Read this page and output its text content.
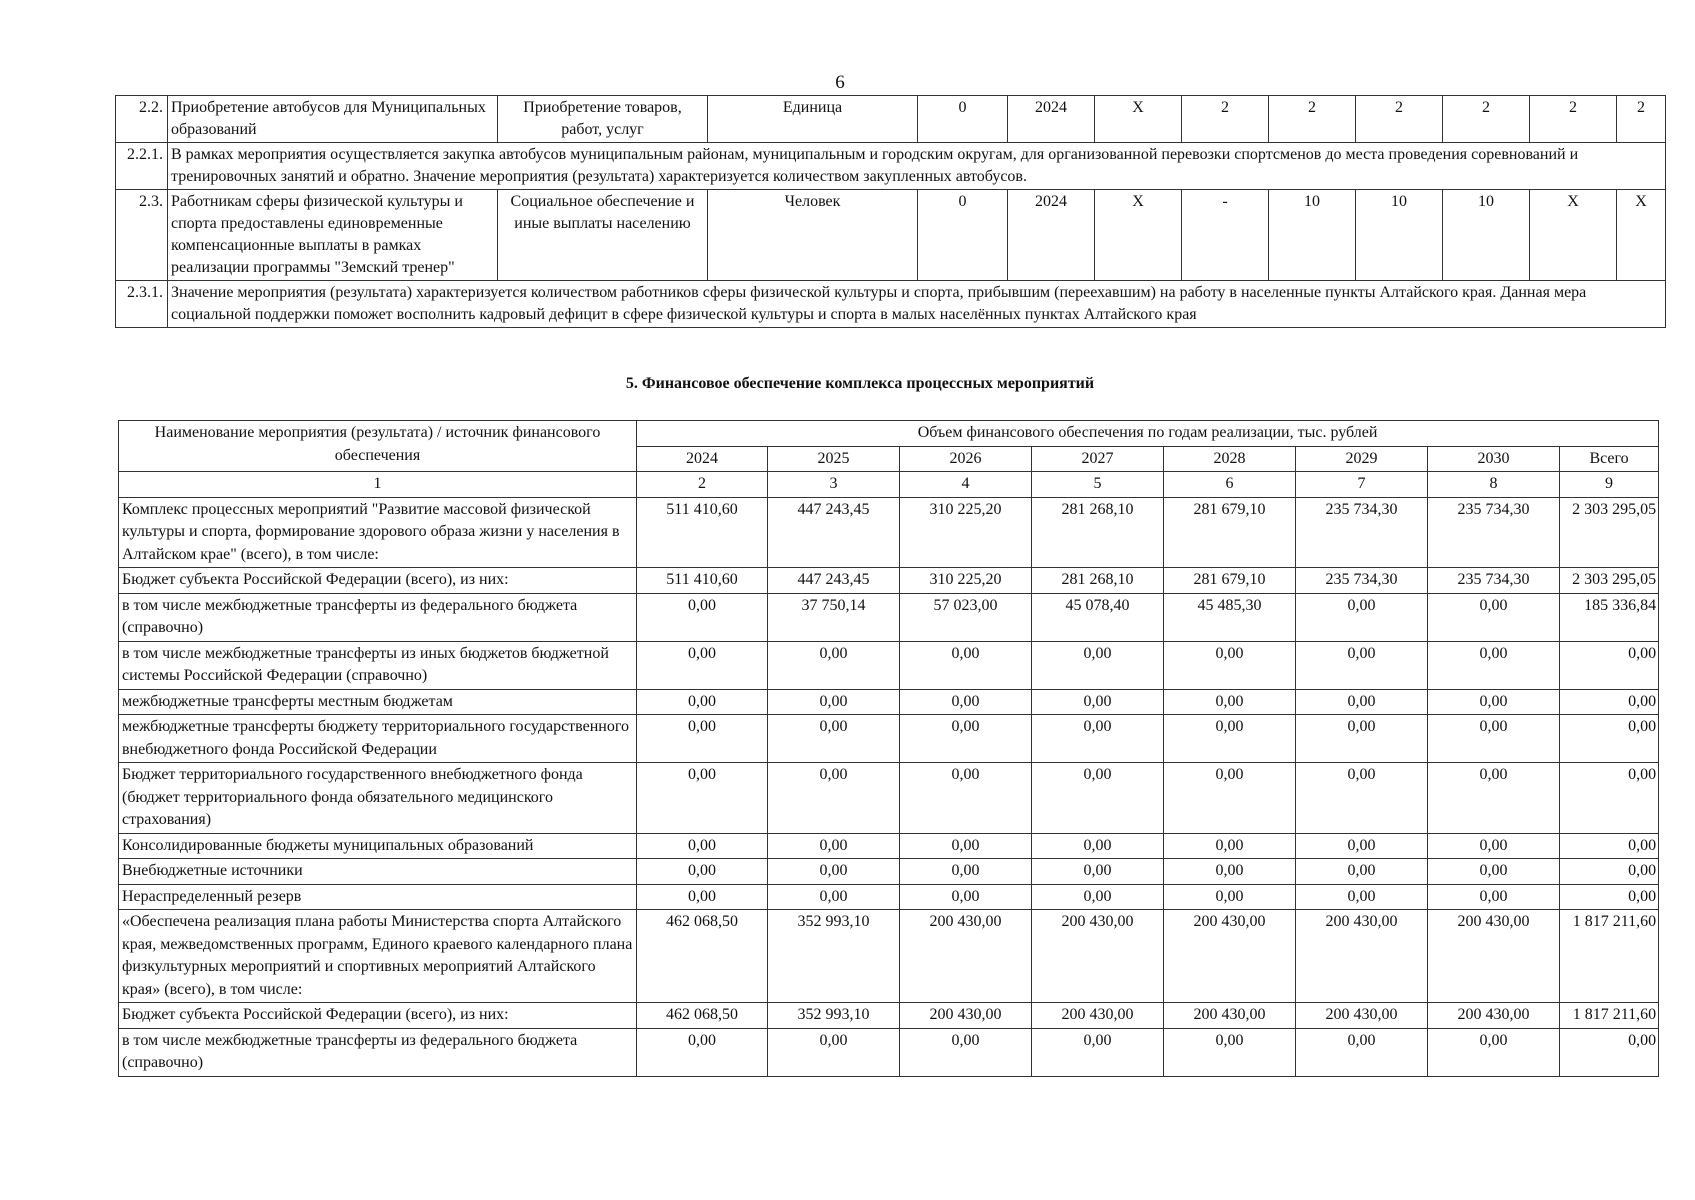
6
2.2.	Приобретение автобусов для Муниципальных образований	Приобретение товаров, работ, услуг	Единица	0	2024	X	2	2	2	2	2	2
2.2.1.	В рамках мероприятия осуществляется закупка автобусов муниципальным районам, муниципальным и городским округам, для организованной перевозки спортсменов до места проведения соревнований и тренировочных занятий и обратно. Значение мероприятия (результата) характеризуется количеством закупленных автобусов.											
2.3.	Работникам сферы физической культуры и спорта предоставлены единовременные компенсационные выплаты в рамках реализации программы "Земский тренер"	Социальное обеспечение и иные выплаты населению	Человек	0	2024	X	-	10	10	10	X	X
2.3.1.	Значение мероприятия (результата) характеризуется количеством работников сферы физической культуры и спорта, прибывшим (переехавшим) на работу в населенные пункты Алтайского края. Данная мера социальной поддержки поможет восполнить кадровый дефицит в сфере физической культуры и спорта в малых населённых пунктах Алтайского края											
5. Финансовое обеспечение комплекса процессных мероприятий
Наименование мероприятия (результата) / источник финансового обеспечения	Объем финансового обеспечения по годам реализации, тыс. рублей							
	2024	2025	2026	2027	2028	2029	2030	Всего
1	2	3	4	5	6	7	8	9
Комплекс процессных мероприятий "Развитие массовой физической культуры и спорта, формирование здорового образа жизни у населения в Алтайском крае" (всего), в том числе:	511 410,60	447 243,45	310 225,20	281 268,10	281 679,10	235 734,30	235 734,30	2 303 295,05
Бюджет субъекта Российской Федерации (всего), из них:	511 410,60	447 243,45	310 225,20	281 268,10	281 679,10	235 734,30	235 734,30	2 303 295,05
в том числе межбюджетные трансферты из федерального бюджета (справочно)	0,00	37 750,14	57 023,00	45 078,40	45 485,30	0,00	0,00	185 336,84
в том числе межбюджетные трансферты из иных бюджетов бюджетной системы Российской Федерации (справочно)	0,00	0,00	0,00	0,00	0,00	0,00	0,00	0,00
межбюджетные трансферты местным бюджетам	0,00	0,00	0,00	0,00	0,00	0,00	0,00	0,00
межбюджетные трансферты бюджету территориального государственного внебюджетного фонда Российской Федерации	0,00	0,00	0,00	0,00	0,00	0,00	0,00	0,00
Бюджет территориального государственного внебюджетного фонда (бюджет территориального фонда обязательного медицинского страхования)	0,00	0,00	0,00	0,00	0,00	0,00	0,00	0,00
Консолидированные бюджеты муниципальных образований	0,00	0,00	0,00	0,00	0,00	0,00	0,00	0,00
Внебюджетные источники	0,00	0,00	0,00	0,00	0,00	0,00	0,00	0,00
Нераспределенный резерв	0,00	0,00	0,00	0,00	0,00	0,00	0,00	0,00
«Обеспечена реализация плана работы Министерства спорта Алтайского края, межведомственных программ, Единого краевого календарного плана физкультурных мероприятий и спортивных мероприятий Алтайского края» (всего), в том числе:	462 068,50	352 993,10	200 430,00	200 430,00	200 430,00	200 430,00	200 430,00	1 817 211,60
Бюджет субъекта Российской Федерации (всего), из них:	462 068,50	352 993,10	200 430,00	200 430,00	200 430,00	200 430,00	200 430,00	1 817 211,60
в том числе межбюджетные трансферты из федерального бюджета (справочно)	0,00	0,00	0,00	0,00	0,00	0,00	0,00	0,00
